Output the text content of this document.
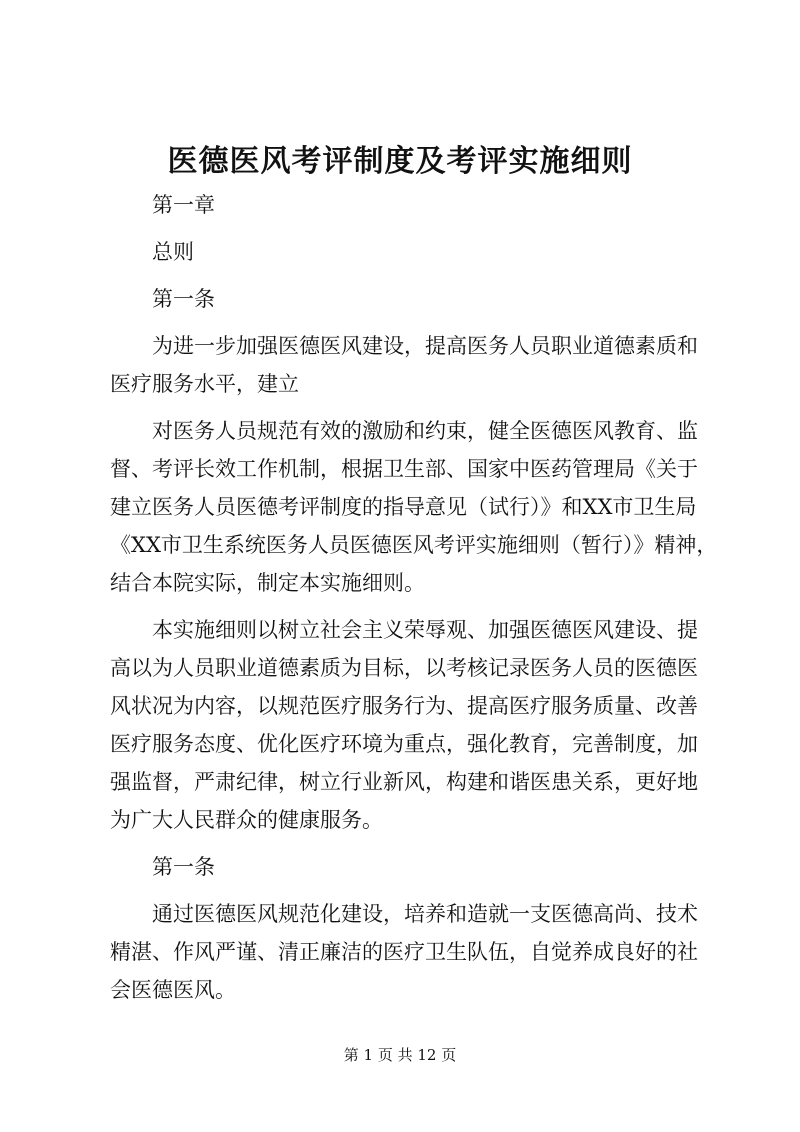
医德医风考评制度及考评实施细则
第一章
总则
第一条
为进一步加强医德医风建设，提高医务人员职业道德素质和
医疗服务水平，建立
对医务人员规范有效的激励和约束，健全医德医风教育、监
督、考评长效工作机制，根据卫生部、国家中医药管理局《关于
建立医务人员医德考评制度的指导意见（试行）》和XX市卫生局
《XX市卫生系统医务人员医德医风考评实施细则（暂行）》精神，
结合本院实际，制定本实施细则。
本实施细则以树立社会主义荣辱观、加强医德医风建设、提
高以为人员职业道德素质为目标，以考核记录医务人员的医德医
风状况为内容，以规范医疗服务行为、提高医疗服务质量、改善
医疗服务态度、优化医疗环境为重点，强化教育，完善制度，加
强监督，严肃纪律，树立行业新风，构建和谐医患关系，更好地
为广大人民群众的健康服务。
第一条
通过医德医风规范化建设，培养和造就一支医德高尚、技术
精湛、作风严谨、清正廉洁的医疗卫生队伍，自觉养成良好的社
会医德医风。
第 1 页 共 12 页
